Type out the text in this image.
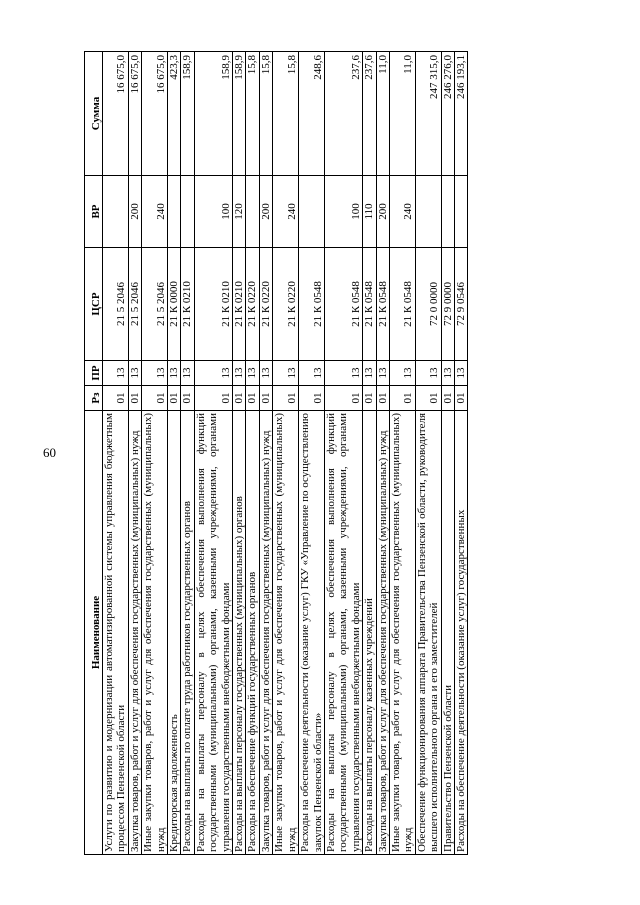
60
Наименование	Рз	ПР	ЦСР	ВР	Сумма
Услуги по развитию и модернизации автоматизированной системы управления бюджетным процессом Пензенской области	01	13	21 5 2046		16 675,0
Закупка товаров, работ и услуг для обеспечения государственных (муниципальных) нужд	01	13	21 5 2046	200	16 675,0
Иные закупки товаров, работ и услуг для обеспечения государственных (муниципальных) нужд	01	13	21 5 2046	240	16 675,0
Кредиторская задолженность	01	13	21 К 0000		423,3
Расходы на выплаты по оплате труда работников государственных органов	01	13	21 К 0210		158,9
Расходы на выплаты персоналу в целях обеспечения выполнения функций государственными (муниципальными) органами, казенными учреждениями, органами управления государственными внебюджетными фондами	01	13	21 К 0210	100	158,9
Расходы на выплаты персоналу государственных (муниципальных) органов	01	13	21 К 0210	120	158,9
Расходы на обеспечение функций государственных органов	01	13	21 К 0220		15,8
Закупка товаров, работ и услуг для обеспечения государственных (муниципальных) нужд	01	13	21 К 0220	200	15,8
Иные закупки товаров, работ и услуг для обеспечения государственных (муниципальных) нужд	01	13	21 К 0220	240	15,8
Расходы на обеспечение деятельности (оказание услуг) ГКУ «Управление по осуществлению закупок Пензенской области»	01	13	21 К 0548		248,6
Расходы на выплаты персоналу в целях обеспечения выполнения функций государственными (муниципальными) органами, казенными учреждениями, органами управления государственными внебюджетными фондами	01	13	21 К 0548	100	237,6
Расходы на выплаты персоналу казенных учреждений	01	13	21 К 0548	110	237,6
Закупка товаров, работ и услуг для обеспечения государственных (муниципальных) нужд	01	13	21 К 0548	200	11,0
Иные закупки товаров, работ и услуг для обеспечения государственных (муниципальных) нужд	01	13	21 К 0548	240	11,0
Обеспечение функционирования аппарата Правительства Пензенской области, руководителя высшего исполнительного органа и его заместителей	01	13	72 0 0000		247 315,0
Правительство Пензенской области	01	13	72 9 0000		246 276,0
Расходы на обеспечение деятельности (оказание услуг) государственных	01	13	72 9 0546		246 193,1
